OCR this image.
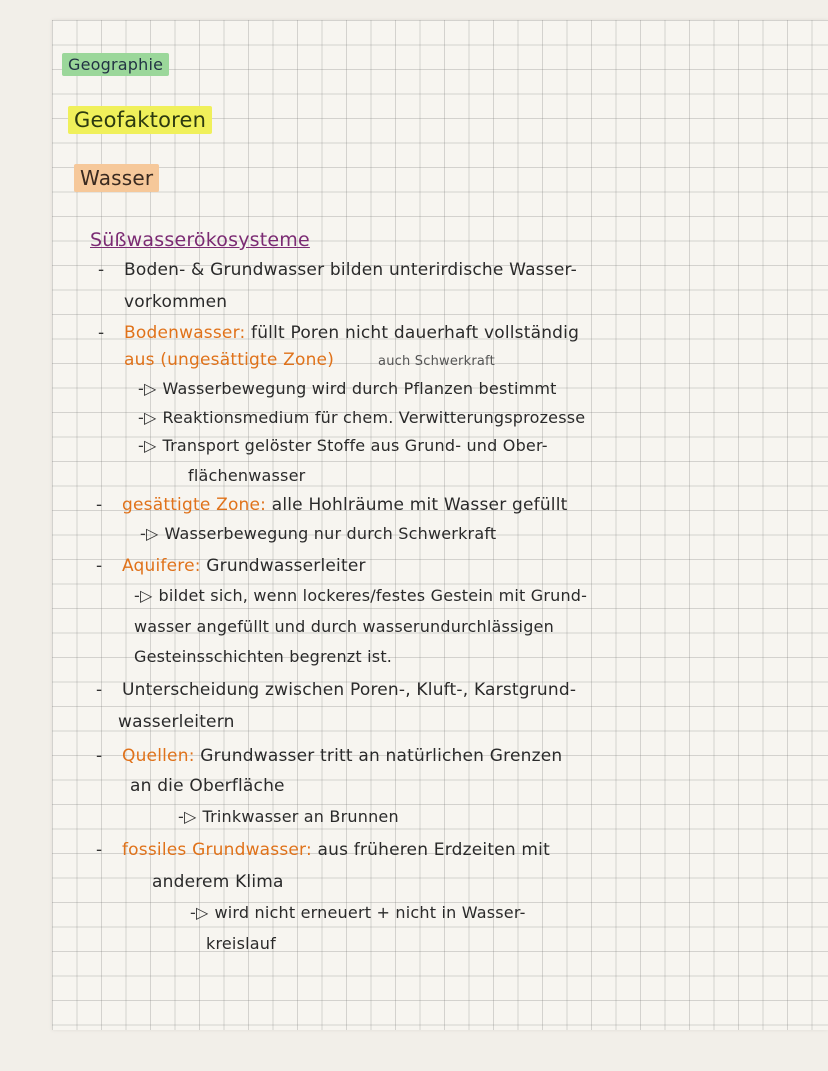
Geographie
Geofaktoren
Wasser
Süßwasserökosysteme
- Boden- & Grundwasser bilden unterirdische Wasser-
vorkommen
- Bodenwasser: füllt Poren nicht dauerhaft vollständig
aus (ungesättigte Zone)	auch Schwerkraft
-▷ Wasserbewegung wird durch Pflanzen bestimmt
-▷ Reaktionsmedium für chem. Verwitterungsprozesse
-▷ Transport gelöster Stoffe aus Grund- und Ober-
flächenwasser
- gesättigte Zone: alle Hohlräume mit Wasser gefüllt
-▷ Wasserbewegung nur durch Schwerkraft
- Aquifere: Grundwasserleiter
-▷ bildet sich, wenn lockeres/festes Gestein mit Grund-
wasser angefüllt und durch wasserundurchlässigen
Gesteinsschichten begrenzt ist.
- Unterscheidung zwischen Poren-, Kluft-, Karstgrund-
wasserleitern
- Quellen: Grundwasser tritt an natürlichen Grenzen
an die Oberfläche
-▷ Trinkwasser an Brunnen
- fossiles Grundwasser: aus früheren Erdzeiten mit
anderem Klima
-▷ wird nicht erneuert + nicht in Wasser-
kreislauf
